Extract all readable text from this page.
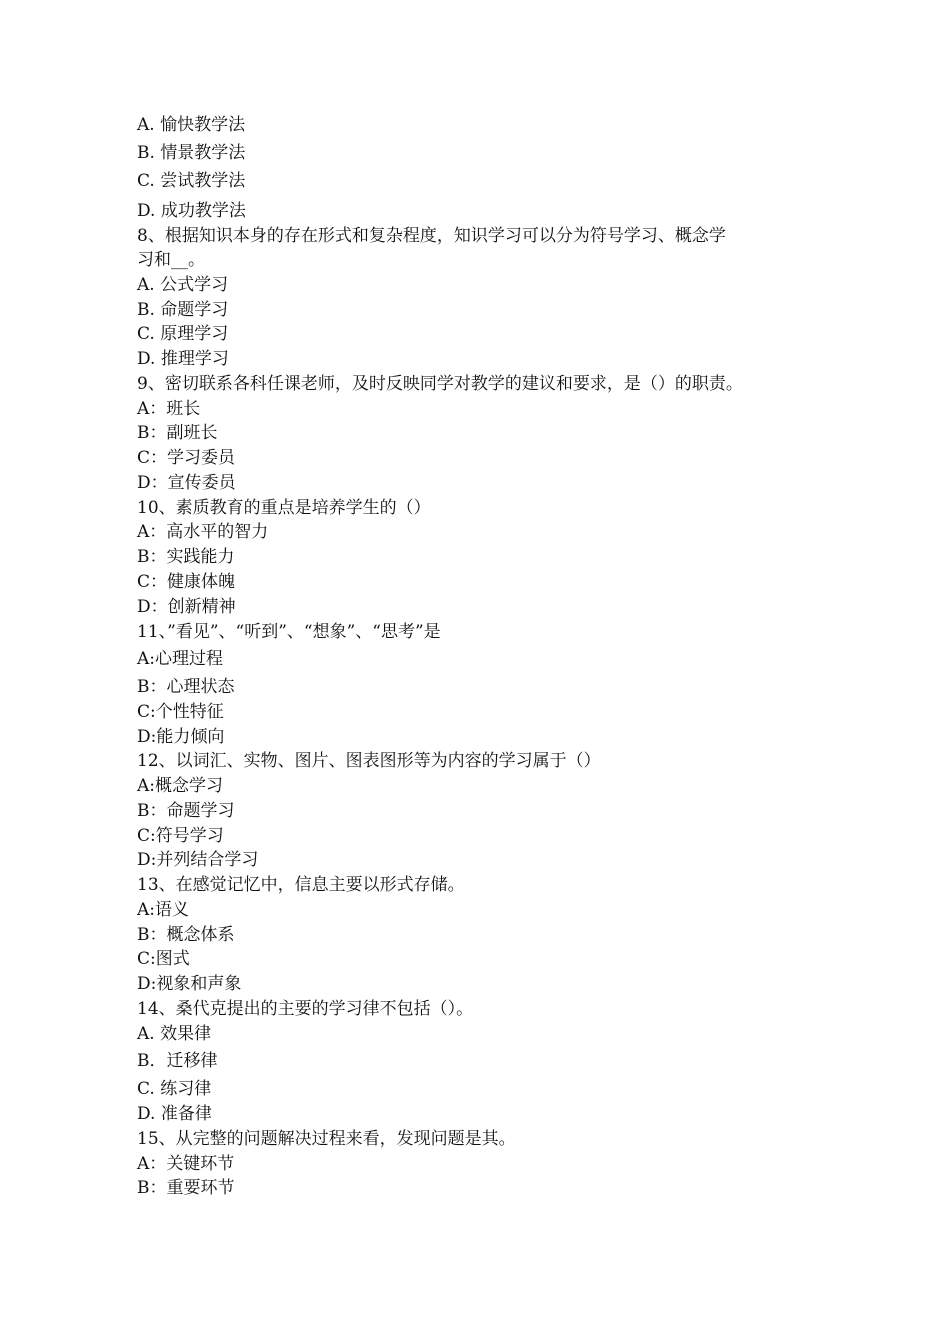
A. 愉快教学法
B. 情景教学法
C. 尝试教学法
D. 成功教学法
8、根据知识本身的存在形式和复杂程度，知识学习可以分为符号学习、概念学
习和__。
A. 公式学习
B. 命题学习
C. 原理学习
D. 推理学习
9、密切联系各科任课老师，及时反映同学对教学的建议和要求，是（）的职责。
A：班长
B：副班长
C：学习委员
D：宣传委员
10、素质教育的重点是培养学生的（）
A：高水平的智力
B：实践能力
C：健康体魄
D：创新精神
11、”看见”、“听到”、“想象”、“思考”是
A:心理过程
B：心理状态
C:个性特征
D:能力倾向
12、以词汇、实物、图片、图表图形等为内容的学习属于（）
A:概念学习
B：命题学习
C:符号学习
D:并列结合学习
13、在感觉记忆中，信息主要以形式存储。
A:语义
B：概念体系
C:图式
D:视象和声象
14、桑代克提出的主要的学习律不包括（）。
A. 效果律
B．迁移律
C. 练习律
D. 准备律
15、从完整的问题解决过程来看，发现问题是其。
A：关键环节
B：重要环节
